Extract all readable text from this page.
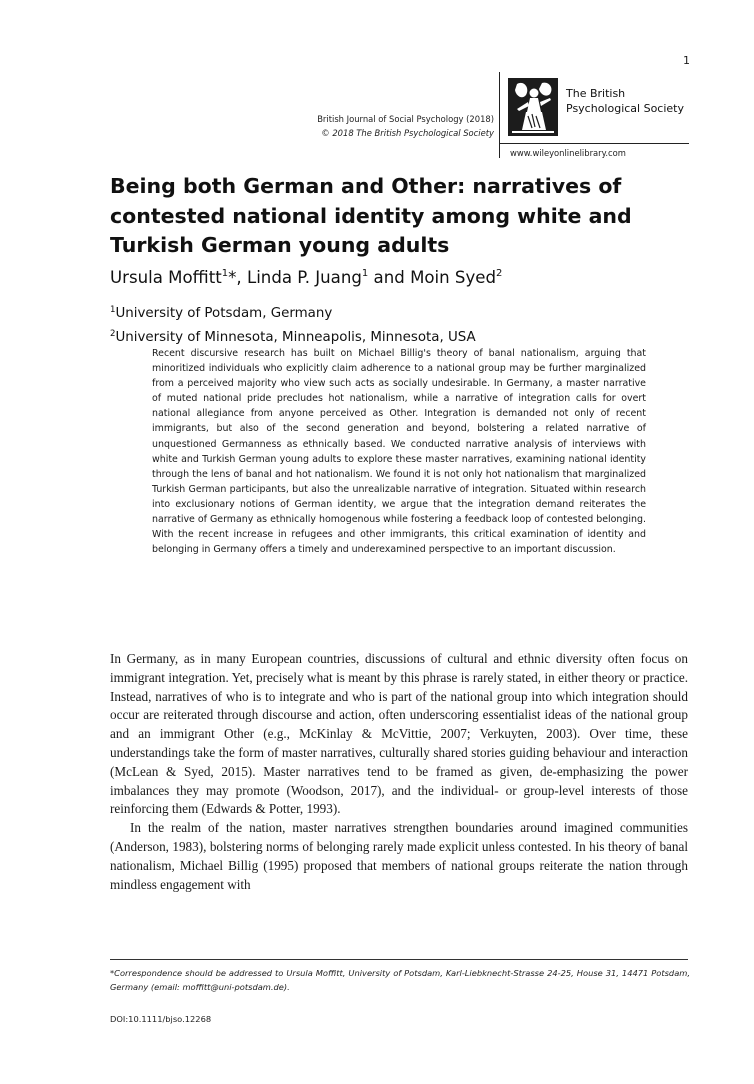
1
British Journal of Social Psychology (2018)
© 2018 The British Psychological Society
The British
Psychological Society
www.wileyonlinelibrary.com
Being both German and Other: narratives of contested national identity among white and Turkish German young adults
Ursula Moffitt$^1$*, Linda P. Juang$^1$ and Moin Syed$^2$
$^1$University of Potsdam, Germany
$^2$University of Minnesota, Minneapolis, Minnesota, USA

Recent discursive research has built on Michael Billig's theory of banal nationalism, arguing that minoritized individuals who explicitly claim adherence to a national group may be further marginalized from a perceived majority who view such acts as socially undesirable. In Germany, a master narrative of muted national pride precludes hot nationalism, while a narrative of integration calls for overt national allegiance from anyone perceived as Other. Integration is demanded not only of recent immigrants, but also of the second generation and beyond, bolstering a related narrative of unquestioned Germanness as ethnically based. We conducted narrative analysis of interviews with white and Turkish German young adults to explore these master narratives, examining national identity through the lens of banal and hot nationalism. We found it is not only hot nationalism that marginalized Turkish German participants, but also the unrealizable narrative of integration. Situated within research into exclusionary notions of German identity, we argue that the integration demand reiterates the narrative of Germany as ethnically homogenous while fostering a feedback loop of contested belonging. With the recent increase in refugees and other immigrants, this critical examination of identity and belonging in Germany offers a timely and underexamined perspective to an important discussion.

In Germany, as in many European countries, discussions of cultural and ethnic diversity often focus on immigrant integration. Yet, precisely what is meant by this phrase is rarely stated, in either theory or practice. Instead, narratives of who is to integrate and who is part of the national group into which integration should occur are reiterated through discourse and action, often underscoring essentialist ideas of the national group and an immigrant Other (e.g., McKinlay & McVittie, 2007; Verkuyten, 2003). Over time, these understandings take the form of master narratives, culturally shared stories guiding behaviour and interaction (McLean & Syed, 2015). Master narratives tend to be framed as given, de-emphasizing the power imbalances they may promote (Woodson, 2017), and the individual- or group-level interests of those reinforcing them (Edwards & Potter, 1993).

In the realm of the nation, master narratives strengthen boundaries around imagined communities (Anderson, 1983), bolstering norms of belonging rarely made explicit unless contested. In his theory of banal nationalism, Michael Billig (1995) proposed that members of national groups reiterate the nation through mindless engagement with

*Correspondence should be addressed to Ursula Moffitt, University of Potsdam, Karl-Liebknecht-Strasse 24-25, House 31, 14471 Potsdam, Germany (email: moffitt@uni-potsdam.de).

DOI:10.1111/bjso.12268
